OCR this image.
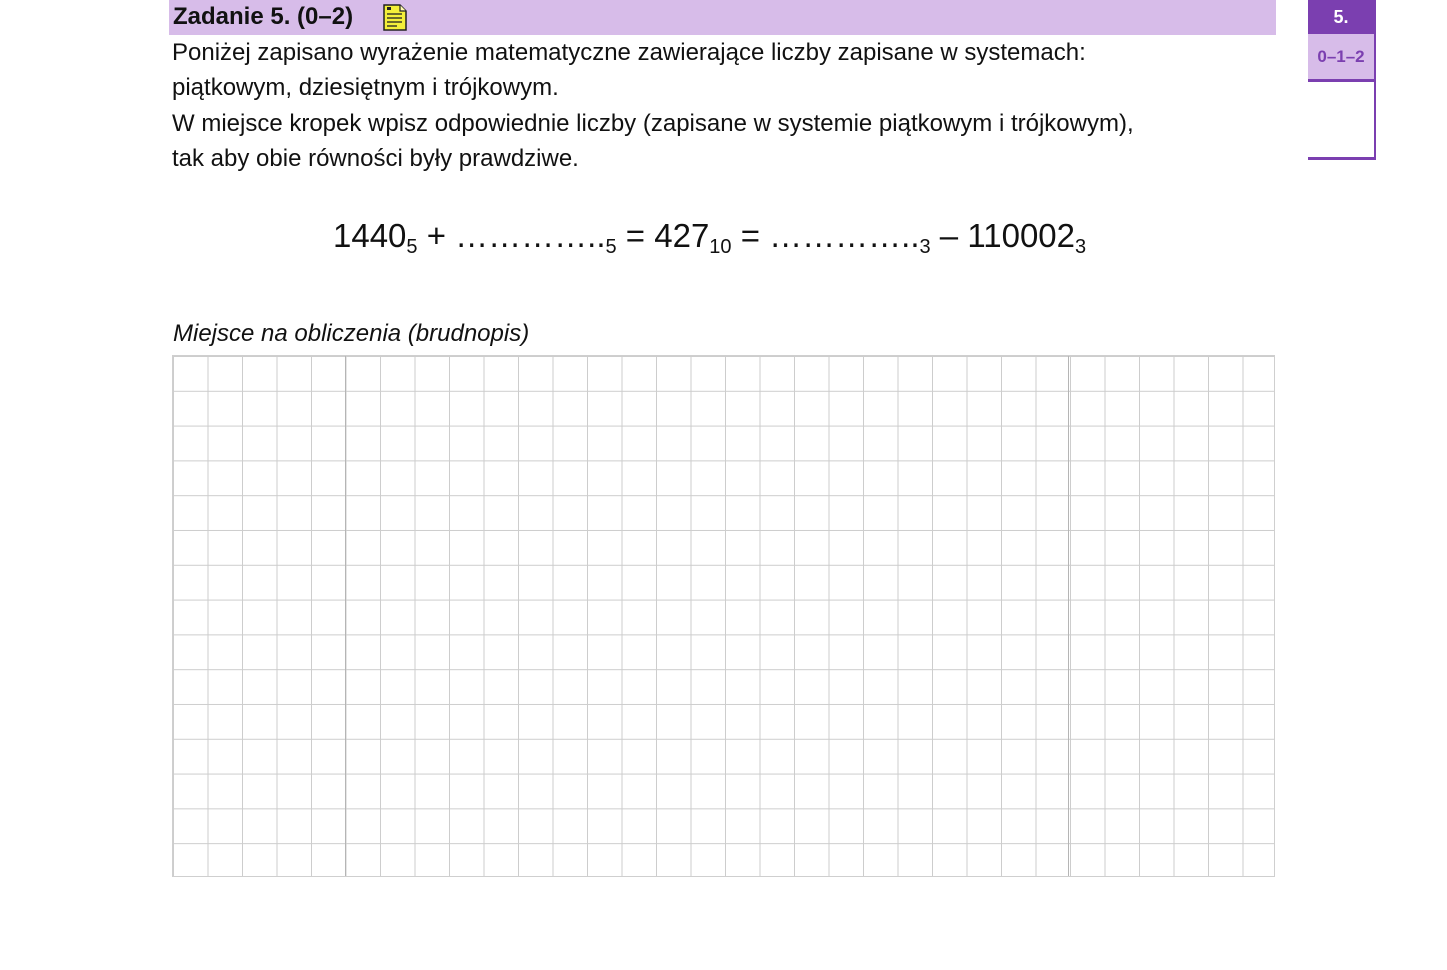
Zadanie 5. (0–2)

Poniżej zapisano wyrażenie matematyczne zawierające liczby zapisane w systemach:

piątkowym, dziesiętnym i trójkowym.

W miejsce kropek wpisz odpowiednie liczby (zapisane w systemie piątkowym i trójkowym),

tak aby obie równości były prawdziwe.

$1440_5$ + $\dots\dots\dots\dots.._5 = 427_{10}$ = $\dots\dots\dots\dots.._3 - 110002_3$
Miejsce na obliczenia (brudnopis)
5.
0–1–2
